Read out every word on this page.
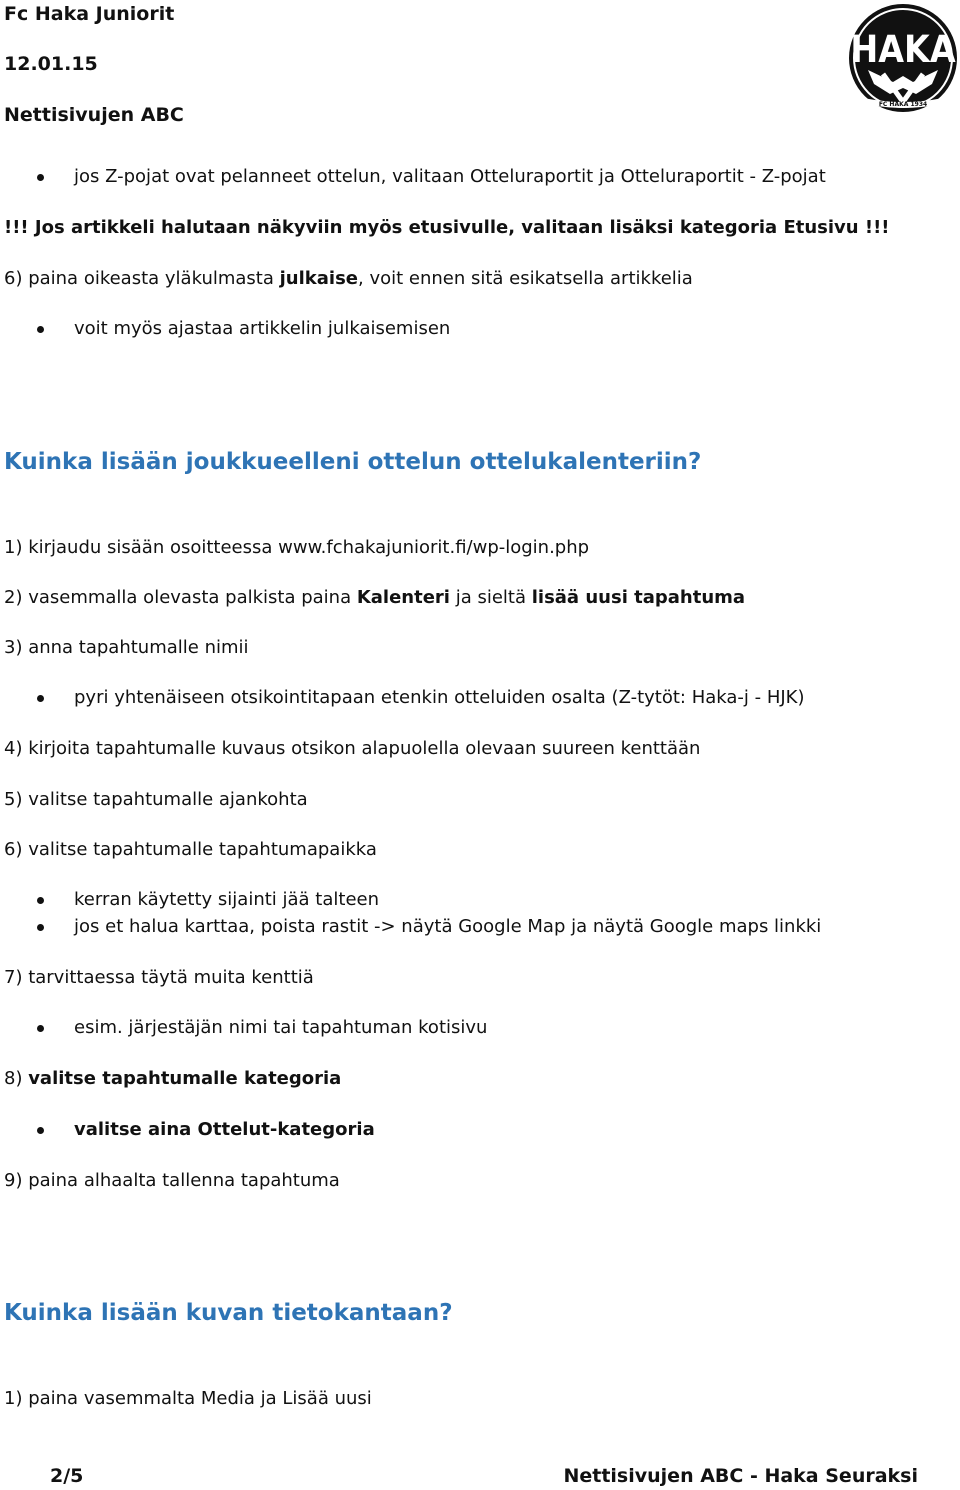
Fc Haka Juniorit
12.01.15
Nettisivujen ABC
HAKA
FC HAKA 1934
jos Z-pojat ovat pelanneet ottelun, valitaan Otteluraportit ja Otteluraportit - Z-pojat
!!! Jos artikkeli halutaan näkyviin myös etusivulle, valitaan lisäksi kategoria Etusivu !!!
6) paina oikeasta yläkulmasta julkaise, voit ennen sitä esikatsella artikkelia
voit myös ajastaa artikkelin julkaisemisen
Kuinka lisään joukkueelleni ottelun ottelukalenteriin?
1) kirjaudu sisään osoitteessa www.fchakajuniorit.fi/wp-login.php
2) vasemmalla olevasta palkista paina Kalenteri ja sieltä lisää uusi tapahtuma
3) anna tapahtumalle nimii
pyri yhtenäiseen otsikointitapaan etenkin otteluiden osalta (Z-tytöt: Haka-j - HJK)
4) kirjoita tapahtumalle kuvaus otsikon alapuolella olevaan suureen kenttään
5) valitse tapahtumalle ajankohta
6) valitse tapahtumalle tapahtumapaikka
kerran käytetty sijainti jää talteen
jos et halua karttaa, poista rastit -> näytä Google Map ja näytä Google maps linkki
7) tarvittaessa täytä muita kenttiä
esim. järjestäjän nimi tai tapahtuman kotisivu
8) valitse tapahtumalle kategoria
valitse aina Ottelut-kategoria
9) paina alhaalta tallenna tapahtuma
Kuinka lisään kuvan tietokantaan?
1) paina vasemmalta Media ja Lisää uusi
2/5	Nettisivujen ABC - Haka Seuraksi
